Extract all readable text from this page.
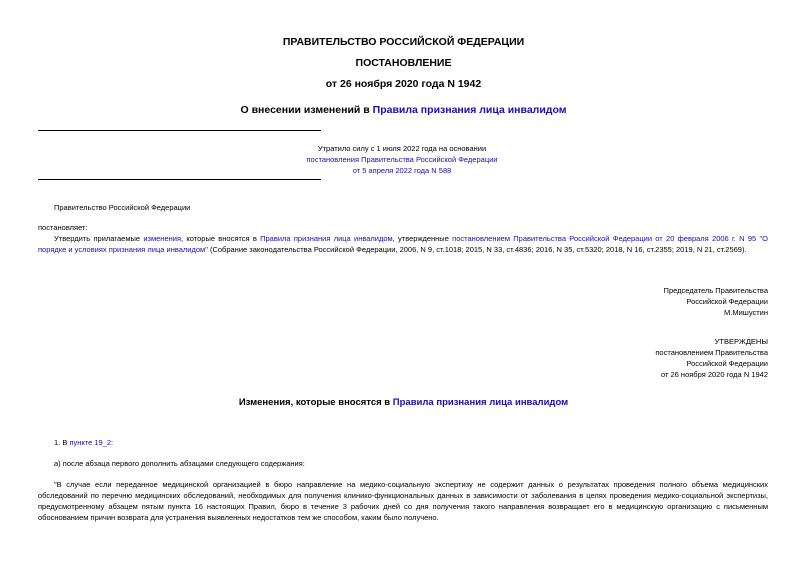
ПРАВИТЕЛЬСТВО РОССИЙСКОЙ ФЕДЕРАЦИИ
ПОСТАНОВЛЕНИЕ
от 26 ноября 2020 года N 1942
О внесении изменений в Правила признания лица инвалидом
Утратило силу с 1 июля 2022 года на основании
постановления Правительства Российской Федерации
от 5 апреля 2022 года N 588
Правительство Российской Федерации
постановляет:
Утвердить прилагаемые изменения, которые вносятся в Правила признания лица инвалидом, утвержденные постановлением Правительства Российской Федерации от 20 февраля 2006 г. N 95 "О порядке и условиях признания лица инвалидом" (Собрание законодательства Российской Федерации, 2006, N 9, ст.1018; 2015, N 33, ст.4836; 2016, N 35, ст.5320; 2018, N 16, ст.2355; 2019, N 21, ст.2569).
Председатель Правительства
Российской Федерации
М.Мишустин
УТВЕРЖДЕНЫ
постановлением Правительства
Российской Федерации
от 26 ноября 2020 года N 1942
Изменения, которые вносятся в Правила признания лица инвалидом
1. В пункте 19_2:
а) после абзаца первого дополнить абзацами следующего содержания:
"В случае если переданное медицинской организацией в бюро направление на медико-социальную экспертизу не содержит данных о результатах проведения полного объема медицинских обследований по перечню медицинских обследований, необходимых для получения клинико-функциональных данных в зависимости от заболевания в целях проведения медико-социальной экспертизы, предусмотренному абзацем пятым пункта 16 настоящих Правил, бюро в течение 3 рабочих дней со дня получения такого направления возвращает его в медицинскую организацию с письменным обоснованием причин возврата для устранения выявленных недостатков тем же способом, каким было получено.
